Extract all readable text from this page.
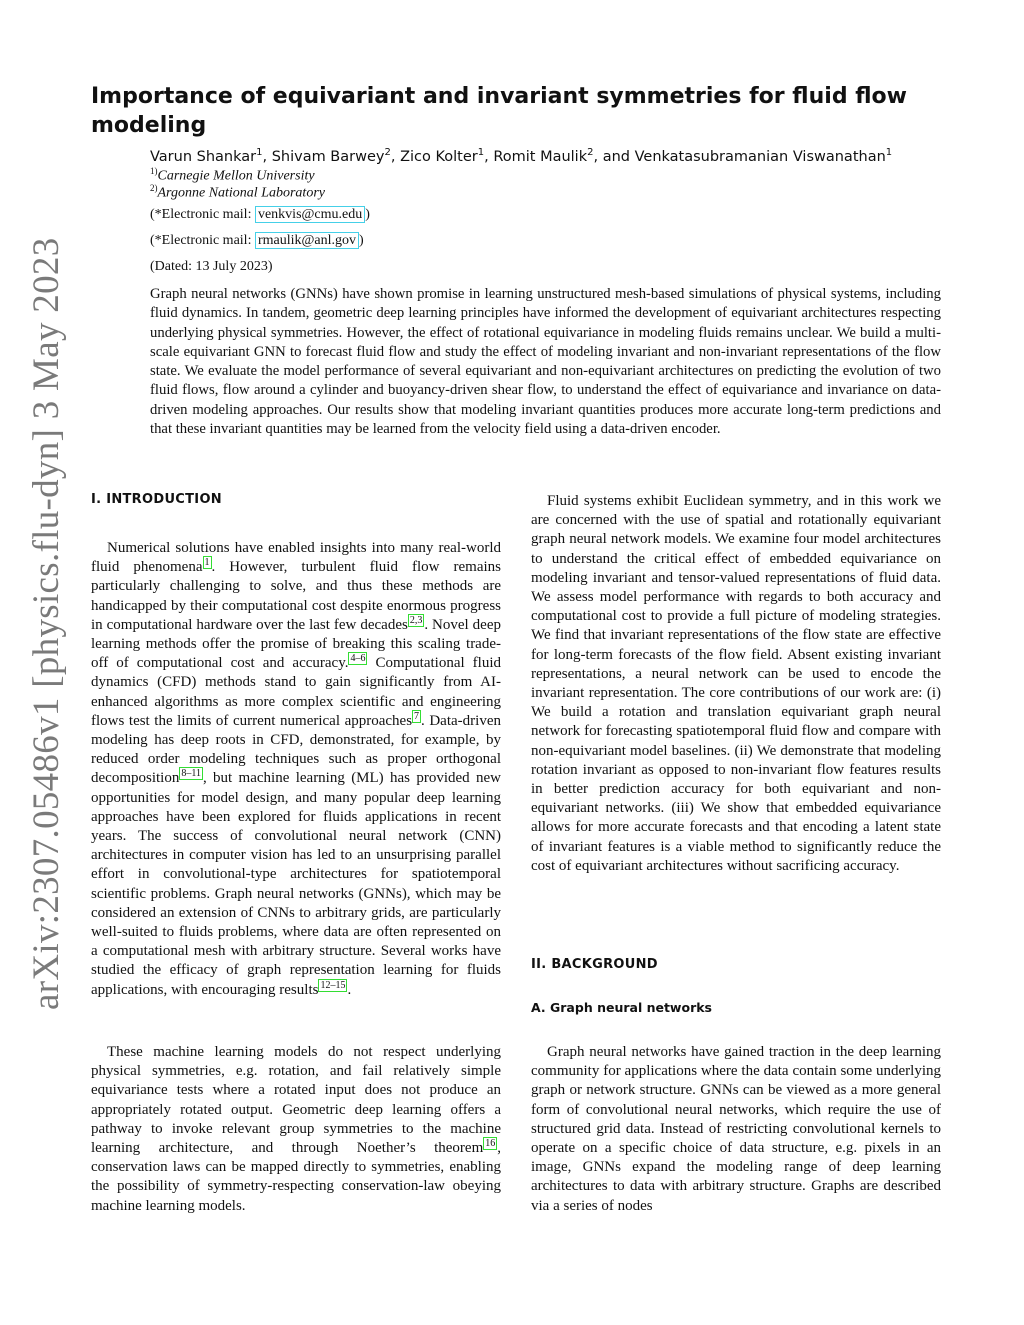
arXiv:2307.05486v1 [physics.flu-dyn] 3 May 2023
Importance of equivariant and invariant symmetries for fluid flow modeling
Varun Shankar$^1$, Shivam Barwey$^2$, Zico Kolter$^1$, Romit Maulik$^2$, and Venkatasubramanian Viswanathan$^1$
$^{1)}$Carnegie Mellon University
$^{2)}$Argonne National Laboratory
(*Electronic mail: venkvis@cmu.edu )
(*Electronic mail: rmaulik@anl.gov )
(Dated: 13 July 2023)

Graph neural networks (GNNs) have shown promise in learning unstructured mesh-based simulations of physical systems, including fluid dynamics. In tandem, geometric deep learning principles have informed the development of equivariant architectures respecting underlying physical symmetries. However, the effect of rotational equivariance in modeling fluids remains unclear. We build a multi-scale equivariant GNN to forecast fluid flow and study the effect of modeling invariant and non-invariant representations of the flow state. We evaluate the model performance of several equivariant and non-equivariant architectures on predicting the evolution of two fluid flows, flow around a cylinder and buoyancy-driven shear flow, to understand the effect of equivariance and invariance on data-driven modeling approaches. Our results show that modeling invariant quantities produces more accurate long-term predictions and that these invariant quantities may be learned from the velocity field using a data-driven encoder.

I. INTRODUCTION

Numerical solutions have enabled insights into many real-world fluid phenomena $^1$ . However, turbulent fluid flow remains particularly challenging to solve, and thus these methods are handicapped by their computational cost despite enormous progress in computational hardware over the last few decades $^{2,3}$ . Novel deep learning methods offer the promise of breaking this scaling trade-off of computational cost and accuracy. $^{4-6}$ Computational fluid dynamics (CFD) methods stand to gain significantly from AI-enhanced algorithms as more complex scientific and engineering flows test the limits of current numerical approaches $^7$ . Data-driven modeling has deep roots in CFD, demonstrated, for example, by reduced order modeling techniques such as proper orthogonal decomposition $^{8-11}$ , but machine learning (ML) has provided new opportunities for model design, and many popular deep learning approaches have been explored for fluids applications in recent years. The success of convolutional neural network (CNN) architectures in computer vision has led to an unsurprising parallel effort in convolutional-type architectures for spatiotemporal scientific problems. Graph neural networks (GNNs), which may be considered an extension of CNNs to arbitrary grids, are particularly well-suited to fluids problems, where data are often represented on a computational mesh with arbitrary structure. Several works have studied the efficacy of graph representation learning for fluids applications, with encouraging results $^{12-15}$ .

These machine learning models do not respect underlying physical symmetries, e.g. rotation, and fail relatively simple equivariance tests where a rotated input does not produce an appropriately rotated output. Geometric deep learning offers a pathway to invoke relevant group symmetries to the machine learning architecture, and through Noether’s theorem $^{16}$ , conservation laws can be mapped directly to symmetries, enabling the possibility of symmetry-respecting conservation-law obeying machine learning models.

Fluid systems exhibit Euclidean symmetry, and in this work we are concerned with the use of spatial and rotationally equivariant graph neural network models. We examine four model architectures to understand the critical effect of embedded equivariance on modeling invariant and tensor-valued representations of fluid data. We assess model performance with regards to both accuracy and computational cost to provide a full picture of modeling strategies. We find that invariant representations of the flow state are effective for long-term forecasts of the flow field. Absent existing invariant representations, a neural network can be used to encode the invariant representation. The core contributions of our work are: (i) We build a rotation and translation equivariant graph neural network for forecasting spatiotemporal fluid flow and compare with non-equivariant model baselines. (ii) We demonstrate that modeling rotation invariant as opposed to non-invariant flow features results in better prediction accuracy for both equivariant and non-equivariant networks. (iii) We show that embedded equivariance allows for more accurate forecasts and that encoding a latent state of invariant features is a viable method to significantly reduce the cost of equivariant architectures without sacrificing accuracy.

II. BACKGROUND
A. Graph neural networks

Graph neural networks have gained traction in the deep learning community for applications where the data contain some underlying graph or network structure. GNNs can be viewed as a more general form of convolutional neural networks, which require the use of structured grid data. Instead of restricting convolutional kernels to operate on a specific choice of data structure, e.g. pixels in an image, GNNs expand the modeling range of deep learning architectures to data with arbitrary structure. Graphs are described via a series of nodes
